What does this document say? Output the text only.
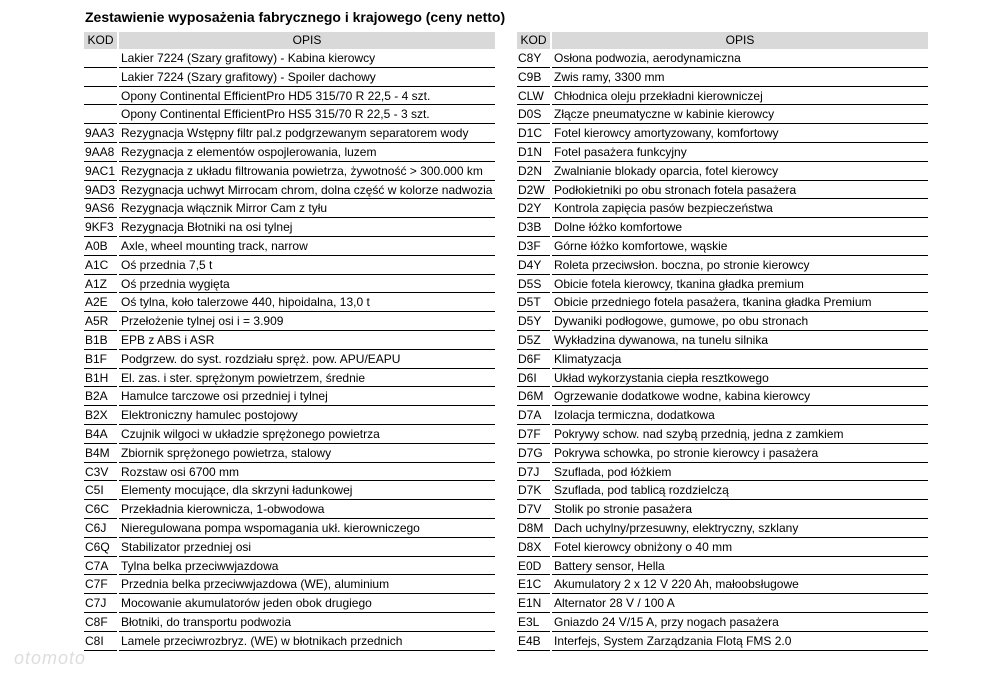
Zestawienie wyposażenia fabrycznego i krajowego (ceny netto)
KOD	OPIS
Lakier 7224 (Szary grafitowy) - Kabina kierowcy
Lakier 7224 (Szary grafitowy) - Spoiler dachowy
Opony Continental EfficientPro HD5 315/70 R 22,5 - 4 szt.
Opony Continental EfficientPro HS5 315/70 R 22,5 - 3 szt.
9AA3 Rezygnacja Wstępny filtr pal.z podgrzewanym separatorem wody
9AA8 Rezygnacja z elementów ospojlerowania, luzem
9AC1 Rezygnacja z układu filtrowania powietrza, żywotność > 300.000 km
9AD3 Rezygnacja uchwyt Mirrocam chrom, dolna część w kolorze nadwozia
9AS6 Rezygnacja włącznik Mirror Cam z tyłu
9KF3 Rezygnacja Błotniki na osi tylnej
A0B	Axle, wheel mounting track, narrow
A1C	Oś przednia 7,5 t
A1Z	Oś przednia wygięta
A2E	Oś tylna, koło talerzowe 440, hipoidalna, 13,0 t
A5R	Przełożenie tylnej osi i = 3.909
B1B	EPB z ABS i ASR
B1F	Podgrzew. do syst. rozdziału spręż. pow. APU/EAPU
B1H	El. zas. i ster. sprężonym powietrzem, średnie
B2A	Hamulce tarczowe osi przedniej i tylnej
B2X	Elektroniczny hamulec postojowy
B4A	Czujnik wilgoci w układzie sprężonego powietrza
B4M Zbiornik sprężonego powietrza, stalowy
C3V	Rozstaw osi 6700 mm
C5I	Elementy mocujące, dla skrzyni ładunkowej
C6C Przekładnia kierownicza, 1-obwodowa
C6J	Nieregulowana pompa wspomagania ukł. kierowniczego
C6Q Stabilizator przedniej osi
C7A	Tylna belka przeciwwjazdowa
C7F	Przednia belka przeciwwjazdowa (WE), aluminium
C7J	Mocowanie akumulatorów jeden obok drugiego
C8F	Błotniki, do transportu podwozia
C8I	Lamele przeciwrozbryz. (WE) w błotnikach przednich
KOD	OPIS
C8Y	Osłona podwozia, aerodynamiczna
C9B	Zwis ramy, 3300 mm
CLW Chłodnica oleju przekładni kierowniczej
D0S	Złącze pneumatyczne w kabinie kierowcy
D1C Fotel kierowcy amortyzowany, komfortowy
D1N Fotel pasażera funkcyjny
D2N Zwalnianie blokady oparcia, fotel kierowcy
D2W Podłokietniki po obu stronach fotela pasażera
D2Y	Kontrola zapięcia pasów bezpieczeństwa
D3B	Dolne łóżko komfortowe
D3F	Górne łóżko komfortowe, wąskie
D4Y	Roleta przeciwsłon. boczna, po stronie kierowcy
D5S	Obicie fotela kierowcy, tkanina gładka premium
D5T	Obicie przedniego fotela pasażera, tkanina gładka Premium
D5Y	Dywaniki podłogowe, gumowe, po obu stronach
D5Z	Wykładzina dywanowa, na tunelu silnika
D6F	Klimatyzacja
D6I	Układ wykorzystania ciepła resztkowego
D6M Ogrzewanie dodatkowe wodne, kabina kierowcy
D7A	Izolacja termiczna, dodatkowa
D7F	Pokrywy schow. nad szybą przednią, jedna z zamkiem
D7G Pokrywa schowka, po stronie kierowcy i pasażera
D7J	Szuflada, pod łóżkiem
D7K	Szuflada, pod tablicą rozdzielczą
D7V	Stolik po stronie pasażera
D8M Dach uchylny/przesuwny, elektryczny, szklany
D8X	Fotel kierowcy obniżony o 40 mm
E0D	Battery sensor, Hella
E1C	Akumulatory 2 x 12 V 220 Ah, małoobsługowe
E1N	Alternator 28 V / 100 A
E3L	Gniazdo 24 V/15 A, przy nogach pasażera
E4B	Interfejs, System Zarządzania Flotą FMS 2.0
otomoto
